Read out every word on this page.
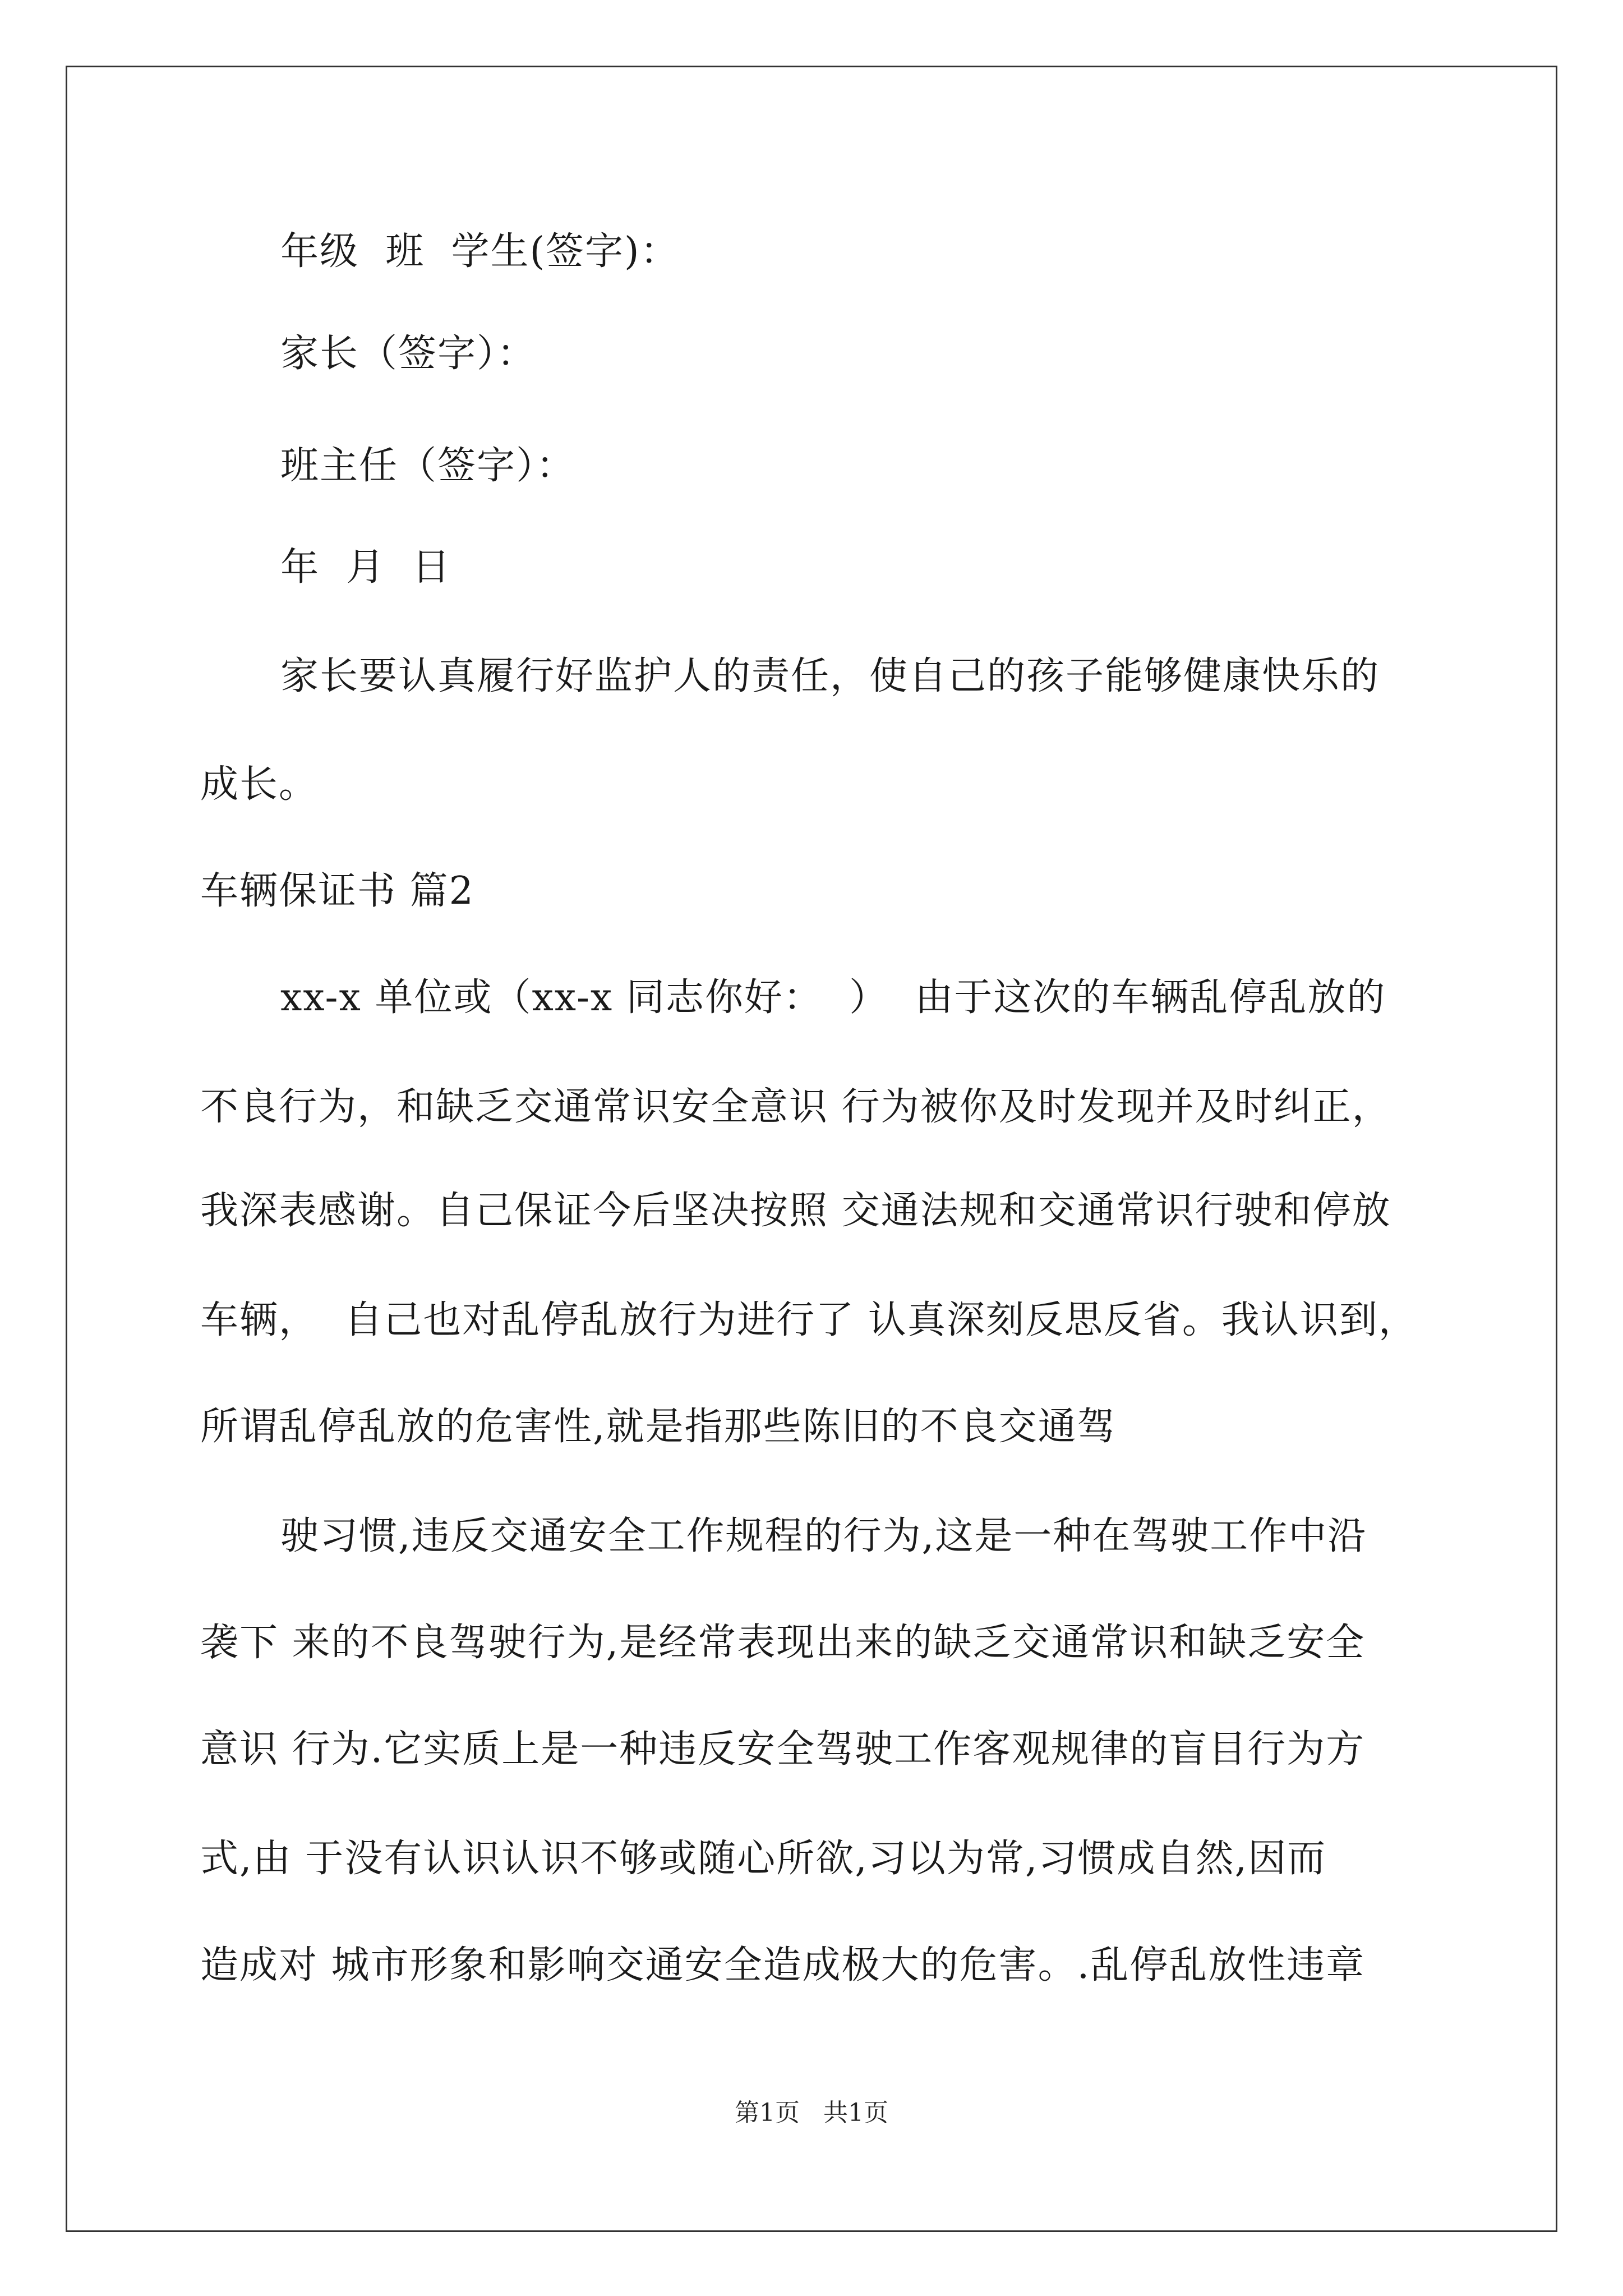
年级  班  学生(签字)：
家长（签字）：
班主任（签字）：
年  月  日
家长要认真履行好监护人的责任，使自己的孩子能够健康快乐的
成长。
车辆保证书 篇2
xx-x 单位或（xx-x 同志你好：  ）  由于这次的车辆乱停乱放的
不良行为，和缺乏交通常识安全意识 行为被你及时发现并及时纠正，
我深表感谢。自己保证今后坚决按照 交通法规和交通常识行驶和停放
车辆，  自己也对乱停乱放行为进行了 认真深刻反思反省。我认识到，
所谓乱停乱放的危害性,就是指那些陈旧的不良交通驾
驶习惯,违反交通安全工作规程的行为,这是一种在驾驶工作中沿
袭下 来的不良驾驶行为,是经常表现出来的缺乏交通常识和缺乏安全
意识 行为.它实质上是一种违反安全驾驶工作客观规律的盲目行为方
式,由 于没有认识认识不够或随心所欲,习以为常,习惯成自然,因而
造成对 城市形象和影响交通安全造成极大的危害。.乱停乱放性违章
第1页   共1页
